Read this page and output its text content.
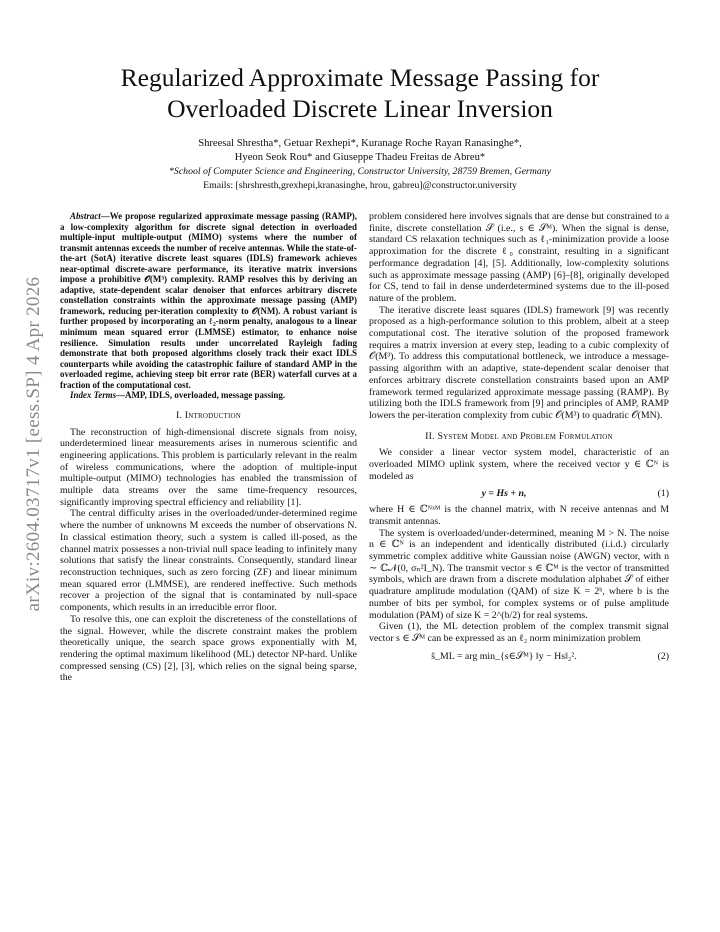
arXiv:2604.03717v1 [eess.SP] 4 Apr 2026
Regularized Approximate Message Passing for
Overloaded Discrete Linear Inversion
Shreesal Shrestha*, Getuar Rexhepi*, Kuranage Roche Rayan Ranasinghe*,
Hyeon Seok Rou* and Giuseppe Thadeu Freitas de Abreu*
*School of Computer Science and Engineering, Constructor University, 28759 Bremen, Germany
Emails: [shrshresth,grexhepi,kranasinghe, hrou, gabreu]@constructor.university

Abstract—We propose regularized approximate message passing (RAMP), a low-complexity algorithm for discrete signal detection in overloaded multiple-input multiple-output (MIMO) systems where the number of transmit antennas exceeds the number of receive antennas. While the state-of-the-art (SotA) iterative discrete least squares (IDLS) framework achieves near-optimal discrete-aware performance, its iterative matrix inversions impose a prohibitive 𝒪(M³) complexity. RAMP resolves this by deriving an adaptive, state-dependent scalar denoiser that enforces arbitrary discrete constellation constraints within the approximate message passing (AMP) framework, reducing per-iteration complexity to 𝒪(NM). A robust variant is further proposed by incorporating an ℓ₂-norm penalty, analogous to a linear minimum mean squared error (LMMSE) estimator, to enhance noise resilience. Simulation results under uncorrelated Rayleigh fading demonstrate that both proposed algorithms closely track their exact IDLS counterparts while avoiding the catastrophic failure of standard AMP in the overloaded regime, achieving steep bit error rate (BER) waterfall curves at a fraction of the computational cost.

Index Terms—AMP, IDLS, overloaded, message passing.

I. Introduction

The reconstruction of high-dimensional discrete signals from noisy, underdetermined linear measurements arises in numerous scientific and engineering applications. This problem is particularly relevant in the realm of wireless communications, where the adoption of multiple-input multiple-output (MIMO) technologies has enabled the transmission of multiple data streams over the same time-frequency resources, significantly improving spectral efficiency and reliability [1].

The central difficulty arises in the overloaded/under-determined regime where the number of unknowns M exceeds the number of observations N. In classical estimation theory, such a system is called ill-posed, as the channel matrix possesses a non-trivial null space leading to infinitely many solutions that satisfy the linear constraints. Consequently, standard linear reconstruction techniques, such as zero forcing (ZF) and linear minimum mean squared error (LMMSE), are rendered ineffective. Such methods recover a projection of the signal that is contaminated by null-space components, which results in an irreducible error floor.

To resolve this, one can exploit the discreteness of the constellations of the signal. However, while the discrete constraint makes the problem theoretically unique, the search space grows exponentially with M, rendering the optimal maximum likelihood (ML) detector NP-hard. Unlike compressed sensing (CS) [2], [3], which relies on the signal being sparse, the

problem considered here involves signals that are dense but constrained to a finite, discrete constellation 𝒮 (i.e., s ∈ 𝒮ᴹ). When the signal is dense, standard CS relaxation techniques such as ℓ₁-minimization provide a loose approximation for the discrete ℓ₀ constraint, resulting in a significant performance degradation [4], [5]. Additionally, low-complexity solutions such as approximate message passing (AMP) [6]–[8], originally developed for CS, tend to fail in dense underdetermined systems due to the ill-posed nature of the problem.

The iterative discrete least squares (IDLS) framework [9] was recently proposed as a high-performance solution to this problem, albeit at a steep computational cost. The iterative solution of the proposed framework requires a matrix inversion at every step, leading to a cubic complexity of 𝒪(M³). To address this computational bottleneck, we introduce a message-passing algorithm with an adaptive, state-dependent scalar denoiser that enforces arbitrary discrete constellation constraints based upon an AMP framework termed regularized approximate message passing (RAMP). By utilizing both the IDLS framework from [9] and principles of AMP, RAMP lowers the per-iteration complexity from cubic 𝒪(M³) to quadratic 𝒪(MN).

II. System Model and Problem Formulation

We consider a linear vector system model, characteristic of an overloaded MIMO uplink system, where the received vector y ∈ ℂᴺ is modeled as

y = Hs + n,	(1)

where H ∈ ℂᴺˣᴹ is the channel matrix, with N receive antennas and M transmit antennas.

The system is overloaded/under-determined, meaning M > N. The noise n ∈ ℂᴺ is an independent and identically distributed (i.i.d.) circularly symmetric complex additive white Gaussian noise (AWGN) vector, with n ∼ ℂ𝒩(0, σₙ²I_N). The transmit vector s ∈ ℂᴹ is the vector of transmitted symbols, which are drawn from a discrete modulation alphabet 𝒮 of either quadrature amplitude modulation (QAM) of size K = 2ᵇ, where b is the number of bits per symbol, for complex systems or of pulse amplitude modulation (PAM) of size K = 2^(b/2) for real systems.

Given (1), the ML detection problem of the complex transmit signal vector s ∈ 𝒮ᴹ can be expressed as an ℓ₂ norm minimization problem

ŝ_ML = arg min_{s∈𝒮ᴹ} ‖y − Hs‖₂².	(2)
